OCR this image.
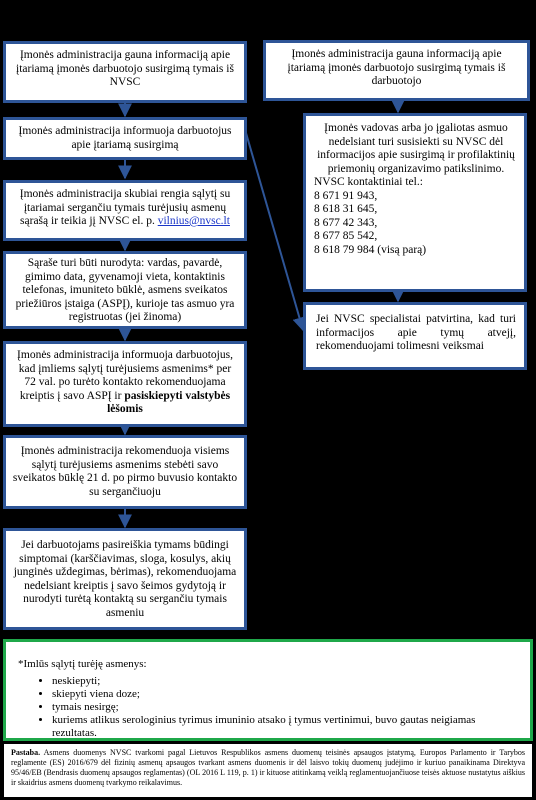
Įmonės administracija gauna informaciją apie įtariamą įmonės darbuotojo susirgimą tymais iš NVSC
Įmonės administracija informuoja darbuotojus apie įtariamą susirgimą
Įmonės administracija skubiai rengia sąlytį su įtariamai sergančiu tymais turėjusių asmenų sąrašą ir teikia jį NVSC el. p. vilnius@nvsc.lt
Sąraše turi būti nurodyta: vardas, pavardė, gimimo data, gyvenamoji vieta, kontaktinis telefonas, imuniteto būklė, asmens sveikatos priežiūros įstaiga (ASPĮ), kurioje tas asmuo yra registruotas (jei žinoma)
Įmonės administracija informuoja darbuotojus, kad įmliems sąlytį turėjusiems asmenims* per 72 val. po turėto kontakto rekomenduojama kreiptis į savo ASPĮ ir pasiskiepyti valstybės lėšomis
Įmonės administracija rekomenduoja visiems sąlytį turėjusiems asmenims stebėti savo sveikatos būklę 21 d. po pirmo buvusio kontakto su sergančiuoju
Jei darbuotojams pasireiškia tymams būdingi simptomai (karščiavimas, sloga, kosulys, akių junginės uždegimas, bėrimas), rekomenduojama nedelsiant kreiptis į savo šeimos gydytoją ir nurodyti turėtą kontaktą su sergančiu tymais asmeniu
Įmonės administracija gauna informaciją apie įtariamą įmonės darbuotojo susirgimą tymais iš darbuotojo
Įmonės vadovas arba jo įgaliotas asmuo nedelsiant turi susisiekti su NVSC dėl informacijos apie susirgimą ir profilaktinių priemonių organizavimo patikslinimo.
NVSC kontaktiniai tel.:
8 671 91 943,
8 618 31 645,
8 677 42 343,
8 677 85 542,
8 618 79 984 (visą parą)
Jei NVSC specialistai patvirtina, kad turi informacijos apie tymų atvejį, rekomenduojami tolimesni veiksmai
*Imlūs sąlytį turėję asmenys:
• neskiepyti;
• skiepyti viena doze;
• tymais nesirgę;
• kuriems atlikus serologinius tyrimus imuninio atsako į tymus vertinimui, buvo gautas neigiamas rezultatas.
Pastaba. Asmens duomenys NVSC tvarkomi pagal Lietuvos Respublikos asmens duomenų teisinės apsaugos įstatymą, Europos Parlamento ir Tarybos reglamente (ES) 2016/679 dėl fizinių asmenų apsaugos tvarkant asmens duomenis ir dėl laisvo tokių duomenų judėjimo ir kuriuo panaikinama Direktyva 95/46/EB (Bendrasis duomenų apsaugos reglamentas) (OL 2016 L 119, p. 1) ir kituose atitinkamą veiklą reglamentuojančiuose teisės aktuose nustatytus aiškius ir skaidrius asmens duomenų tvarkymo reikalavimus.
